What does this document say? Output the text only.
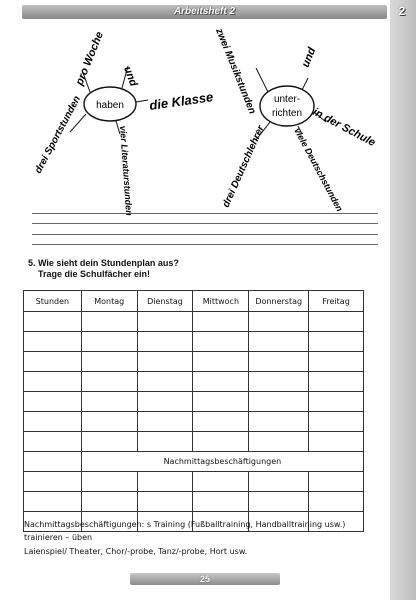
Arbeitsheft 2	2
haben
pro Woche und
die Klasse
drei Sportstunden	vier Literaturstunden
unter-
richten
zwei Musikstunden	und
in der Schule
drei Deutschlehrer	viele Deutschstunden
5. Wie sieht dein Stundenplan aus?
Trage die Schulfächer ein!
Stunden	Montag	Dienstag	Mittwoch	Donnerstag	Freitag

	Nachmittagsbeschäftigungen				

Nachmittagsbeschäftigungen: s Training (Fußballtraining, Handballtraining usw.)
trainieren – üben
Laienspiel/ Theater, Chor/-probe, Tanz/-probe, Hort usw.
25
